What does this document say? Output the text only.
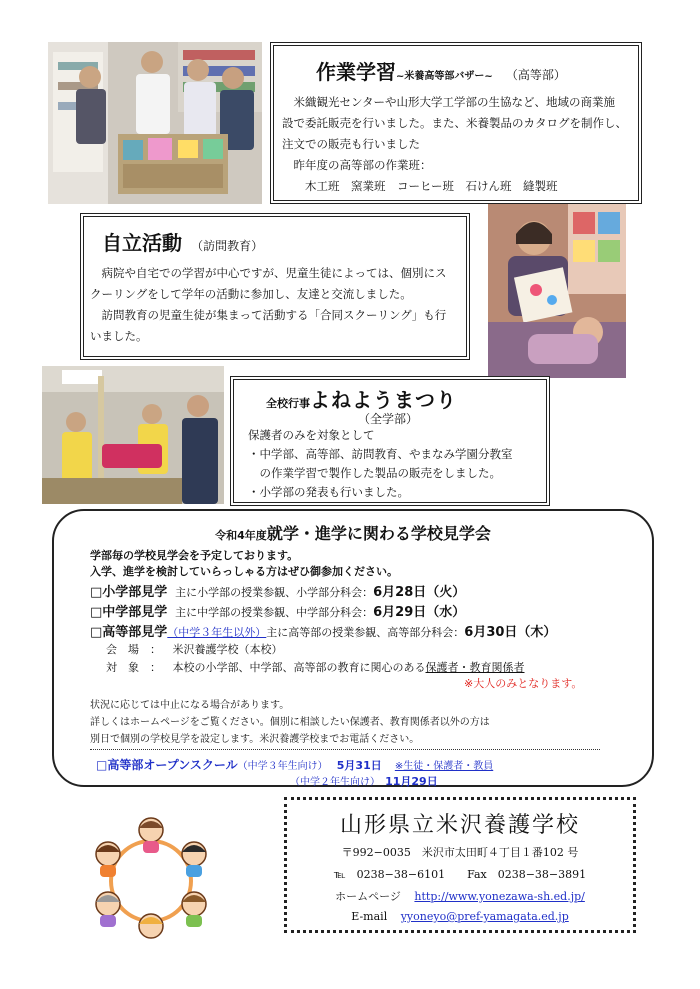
作業学習~米養高等部バザー~ （高等部）
　米織観光センターや山形大学工学部の生協など、地域の商業施
設で委託販売を行いました。また、米養製品のカタログを制作し、
注文での販売も行いました
　昨年度の高等部の作業班：
　　木工班　窯業班　コーヒー班　石けん班　縫製班
自立活動 （訪問教育）
　病院や自宅での学習が中心ですが、児童生徒によっては、個別にス
クーリングをして学年の活動に参加し、友達と交流しました。
　訪問教育の児童生徒が集まって活動する「合同スクーリング」も行
いました。
全校行事よねようまつり
（全学部）
保護者のみを対象として
・中学部、高等部、訪問教育、やまなみ学園分教室
　の作業学習で製作した製品の販売をしました。
・小学部の発表も行いました。
令和4年度就学・進学に関わる学校見学会
学部毎の学校見学会を予定しております。
入学、進学を検討していらっしゃる方はぜひ御参加ください。
□小学部見学 主に小学部の授業参観、小学部分科会：6月28日（火）
□中学部見学 主に中学部の授業参観、中学部分科会：6月29日（水）
□高等部見学（中学３年生以外）主に高等部の授業参観、高等部分科会：6月30日（木）
会　場　： 米沢養護学校（本校）
対　象　： 本校の小学部、中学部、高等部の教育に関心のある保護者・教育関係者
※大人のみとなります。
状況に応じては中止になる場合があります。
詳しくはホームページをご覧ください。個別に相談したい保護者、教育関係者以外の方は
別日で個別の学校見学を設定します。米沢養護学校までお電話ください。
□高等部オープンスクール（中学３年生向け） 5月31日 ※生徒・保護者・教員
（中学２年生向け） 11月29日
山形県立米沢養護学校
〒992−0035　米沢市太田町４丁目１番102 号
℡　0238−38−6101　　Fax　0238−38−3891
ホームページ http://www.yonezawa-sh.ed.jp/
E-mail yyoneyo@pref-yamagata.ed.jp
